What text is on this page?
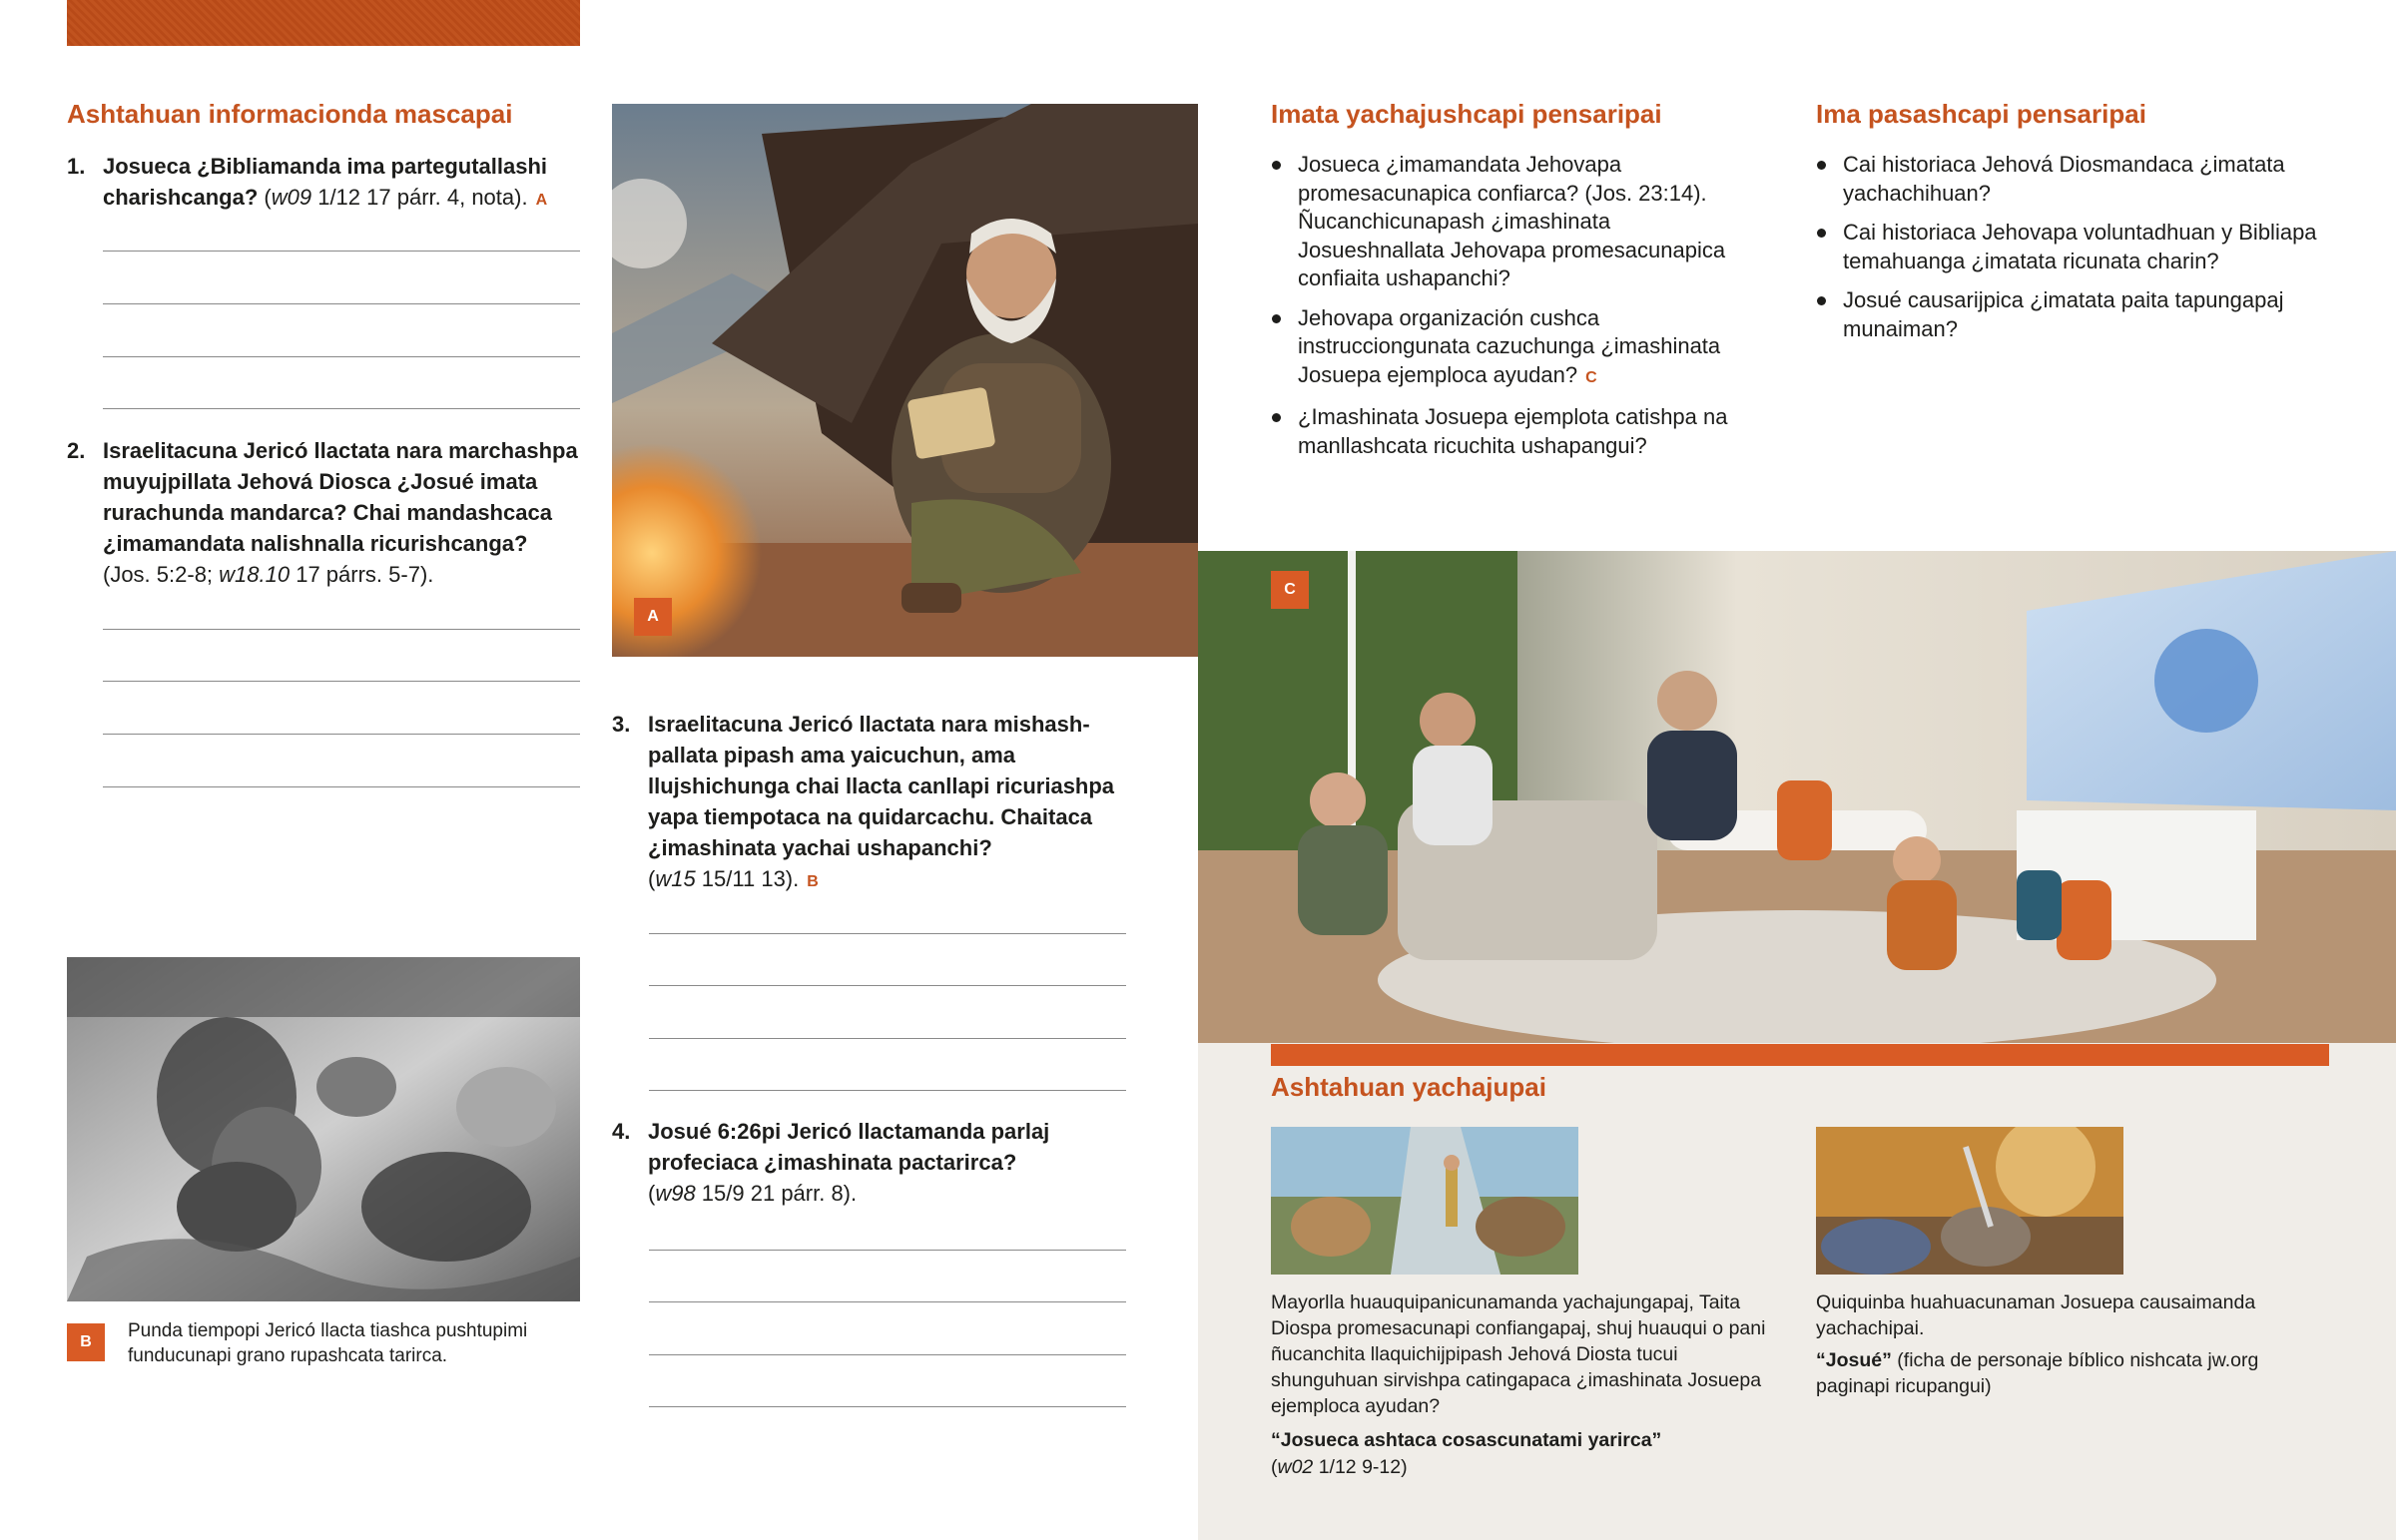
Ashtahuan informacionda mascapai
1. Josueca ¿Bibliamanda ima partegutallashi charishcanga? (w09 1/12 17 párr. 4, nota). A
2. Israelitacuna Jericó llactata nara marchashpa muyujpillata Jehová Diosca ¿Josué imata rurachunda mandarca? Chai mandashcaca ¿imamandata nalishnalla ricurishcanga?
(Jos. 5:2-8; w18.10 17 párrs. 5-7).
B
Punda tiempopi Jericó llacta tiashca pushtupimi funducunapi grano rupashcata tarirca.
A
3. Israelitacuna Jericó llactata nara mishashpallata pipash ama yaicuchun, ama llujshichunga chai llacta canllapi ricuriashpa yapa tiempotaca na quidarcachu. Chaitaca ¿imashinata yachai ushapanchi?
(w15 15/11 13). B
4. Josué 6:26pi Jericó llactamanda parlaj profeciaca ¿imashinata pactarirca?
(w98 15/9 21 párr. 8).
Imata yachajushcapi pensaripai
Josueca ¿imamandata Jehovapa promesacunapica confiarca? (Jos. 23:14). Ñucanchicunapash ¿imashinata Josueshnallata Jehovapa promesacunapica confiaita ushapanchi?
Jehovapa organización cushca instrucciongunata cazuchunga ¿imashinata Josuepa ejemploca ayudan? C
¿Imashinata Josuepa ejemplota catishpa na manllashcata ricuchita ushapangui?
Ima pasashcapi pensaripai
Cai historiaca Jehová Diosmandaca ¿imatata yachachihuan?
Cai historiaca Jehovapa voluntadhuan y Bibliapa temahuanga ¿imatata ricunata charin?
Josué causarijpica ¿imatata paita tapungapaj munaiman?
C
Ashtahuan yachajupai
Mayorlla huauquipanicunamanda yachajungapaj, Taita Diospa promesacunapi confiangapaj, shuj huauqui o pani ñucanchita llaquichijpipash Jehová Diosta tucui shunguhuan sirvishpa catingapaca ¿imashinata Josuepa ejemploca ayudan?
“Josueca ashtaca cosascunatami yarirca”
(w02 1/12 9-12)
Quiquinba huahuacunaman Josuepa causaimanda yachachipai.
“Josué” (ficha de personaje bíblico nishcata jw.org paginapi ricupangui)
